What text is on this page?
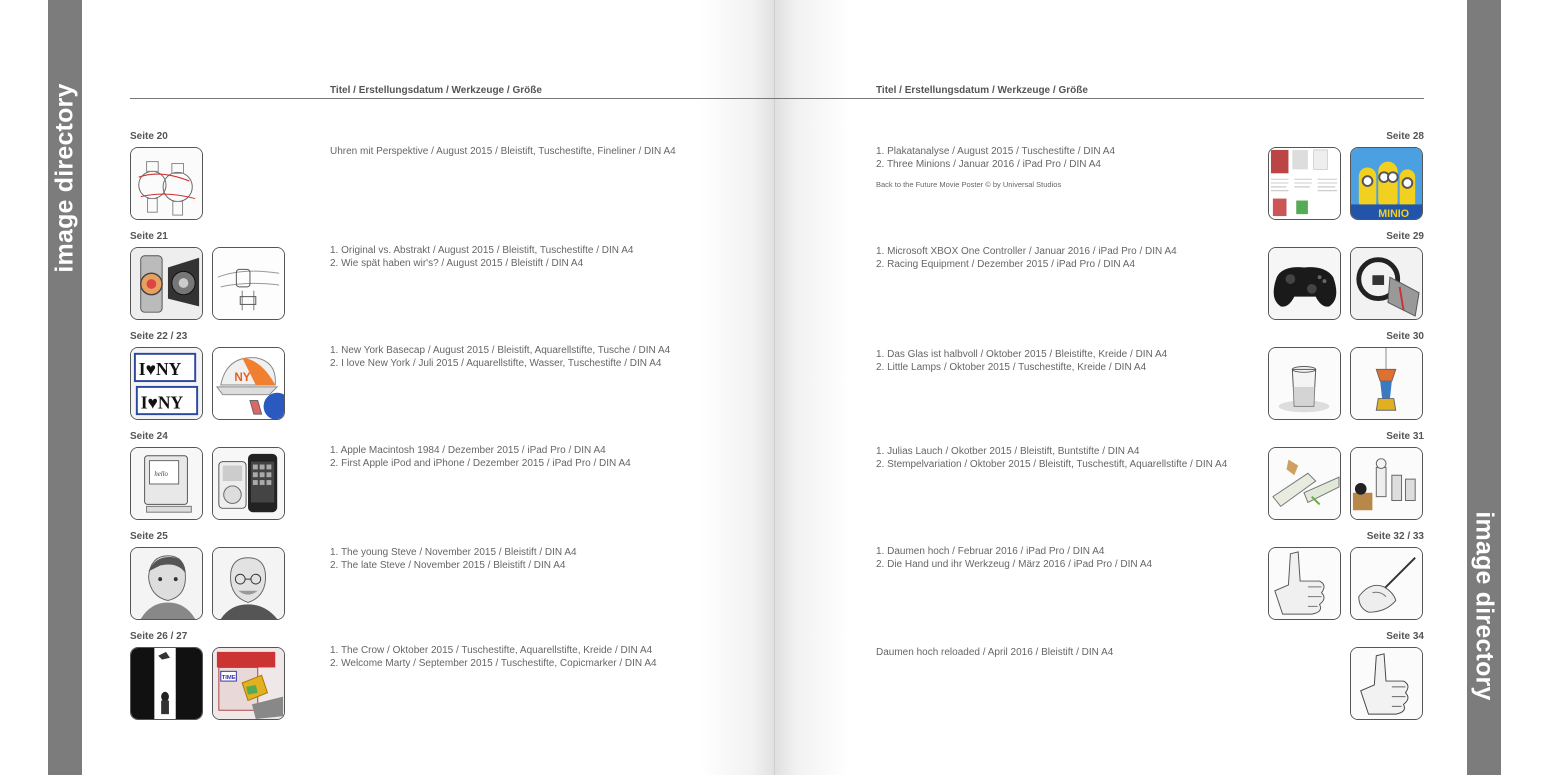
image directory
image directory
Titel / Erstellungsdatum / Werkzeuge / Größe	Titel / Erstellungsdatum / Werkzeuge / Größe
Seite 20
Uhren mit Perspektive / August 2015 / Bleistift, Tuschestifte, Fineliner / DIN A4
Seite 21
1. Original vs. Abstrakt / August 2015 / Bleistift, Tuschestifte / DIN A4
2. Wie spät haben wir's? / August 2015 / Bleistift / DIN A4
Seite 22 / 23
I♥NY
I♥NY
NY
1. New York Basecap / August 2015 / Bleistift, Aquarellstifte, Tusche / DIN A4
2. I love New York / Juli 2015 / Aquarellstifte, Wasser, Tuschestifte / DIN A4
Seite 24
hello
1. Apple Macintosh 1984 / Dezember 2015 / iPad Pro / DIN A4
2. First Apple iPod and iPhone / Dezember 2015 / iPad Pro / DIN A4
Seite 25
1. The young Steve / November 2015 / Bleistift / DIN A4
2. The late Steve / November 2015 / Bleistift / DIN A4
Seite 26 / 27
TIME
1. The Crow / Oktober 2015 / Tuschestifte, Aquarellstifte, Kreide / DIN A4
2. Welcome Marty / September 2015 / Tuschestifte, Copicmarker / DIN A4
Seite 28
MINIO
1. Plakatanalyse / August 2015 / Tuschestifte / DIN A4
2. Three Minions / Januar 2016 / iPad Pro / DIN A4
Back to the Future Movie Poster © by Universal Studios
Seite 29
1. Microsoft XBOX One Controller / Januar 2016 / iPad Pro / DIN A4
2. Racing Equipment / Dezember 2015 / iPad Pro / DIN A4
Seite 30
1. Das Glas ist halbvoll / Oktober 2015 / Bleistifte, Kreide / DIN A4
2. Little Lamps / Oktober 2015 / Tuschestifte, Kreide / DIN A4
Seite 31
1. Julias Lauch / Okotber 2015 / Bleistift, Buntstifte / DIN A4
2. Stempelvariation / Oktober 2015 / Bleistift, Tuschestift, Aquarellstifte / DIN A4
Seite 32 / 33
1. Daumen hoch / Februar 2016 / iPad Pro / DIN A4
2. Die Hand und ihr Werkzeug / März 2016 / iPad Pro / DIN A4
Seite 34
Daumen hoch reloaded / April 2016 / Bleistift / DIN A4
